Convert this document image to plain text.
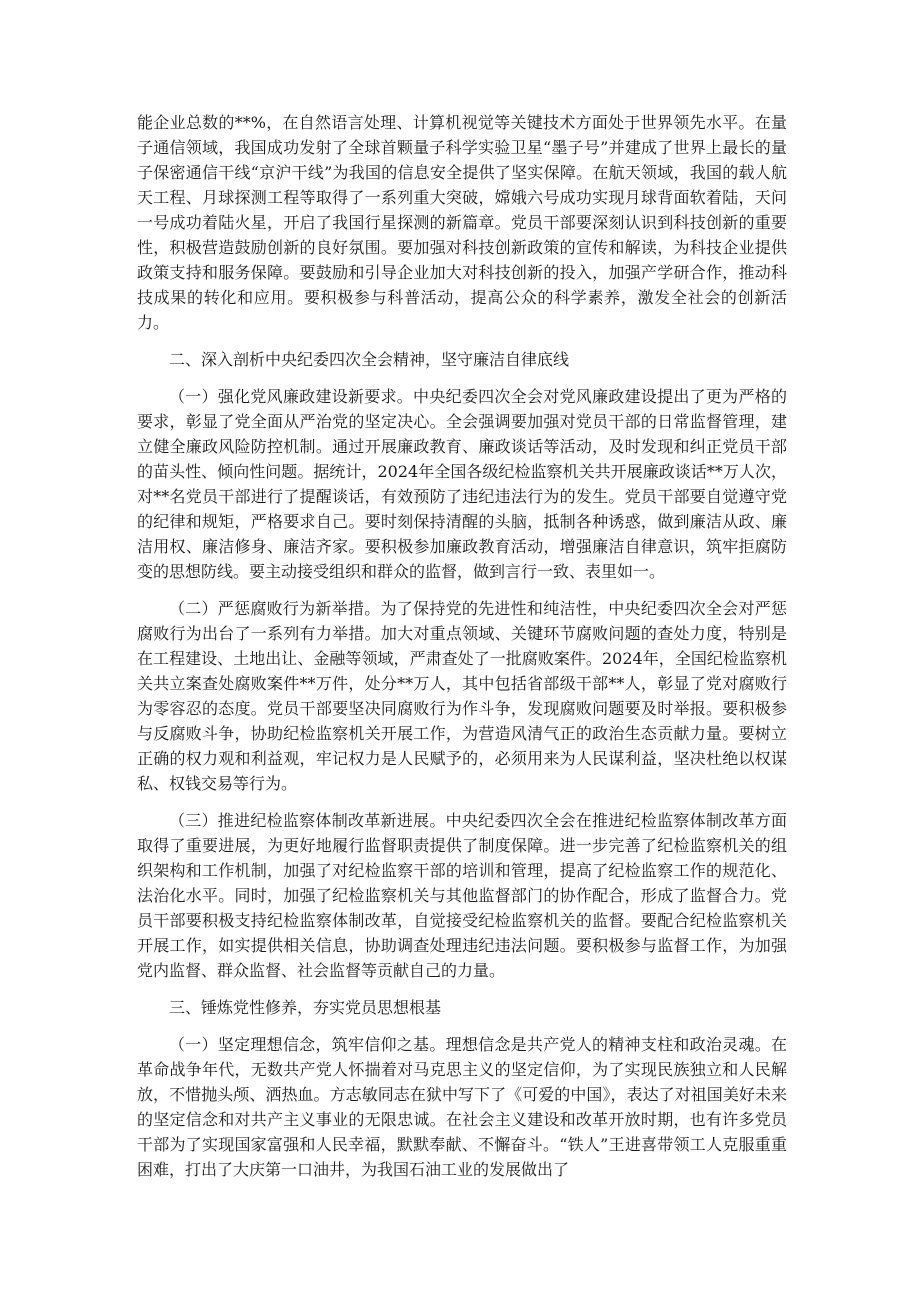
能企业总数的**%，在自然语言处理、计算机视觉等关键技术方面处于世界领先水平。在量子通信领域，我国成功发射了全球首颗量子科学实验卫星“墨子号”并建成了世界上最长的量子保密通信干线“京沪干线”为我国的信息安全提供了坚实保障。在航天领域，我国的载人航天工程、月球探测工程等取得了一系列重大突破，嫦娥六号成功实现月球背面软着陆，天问一号成功着陆火星，开启了我国行星探测的新篇章。党员干部要深刻认识到科技创新的重要性，积极营造鼓励创新的良好氛围。要加强对科技创新政策的宣传和解读，为科技企业提供政策支持和服务保障。要鼓励和引导企业加大对科技创新的投入，加强产学研合作，推动科技成果的转化和应用。要积极参与科普活动，提高公众的科学素养，激发全社会的创新活力。

二、深入剖析中央纪委四次全会精神，坚守廉洁自律底线

（一）强化党风廉政建设新要求。中央纪委四次全会对党风廉政建设提出了更为严格的要求，彰显了党全面从严治党的坚定决心。全会强调要加强对党员干部的日常监督管理，建立健全廉政风险防控机制。通过开展廉政教育、廉政谈话等活动，及时发现和纠正党员干部的苗头性、倾向性问题。据统计，2024年全国各级纪检监察机关共开展廉政谈话**万人次，对**名党员干部进行了提醒谈话，有效预防了违纪违法行为的发生。党员干部要自觉遵守党的纪律和规矩，严格要求自己。要时刻保持清醒的头脑，抵制各种诱惑，做到廉洁从政、廉洁用权、廉洁修身、廉洁齐家。要积极参加廉政教育活动，增强廉洁自律意识，筑牢拒腐防变的思想防线。要主动接受组织和群众的监督，做到言行一致、表里如一。

（二）严惩腐败行为新举措。为了保持党的先进性和纯洁性，中央纪委四次全会对严惩腐败行为出台了一系列有力举措。加大对重点领域、关键环节腐败问题的查处力度，特别是在工程建设、土地出让、金融等领域，严肃查处了一批腐败案件。2024年，全国纪检监察机关共立案查处腐败案件**万件，处分**万人，其中包括省部级干部**人，彰显了党对腐败行为零容忍的态度。党员干部要坚决同腐败行为作斗争，发现腐败问题要及时举报。要积极参与反腐败斗争，协助纪检监察机关开展工作，为营造风清气正的政治生态贡献力量。要树立正确的权力观和利益观，牢记权力是人民赋予的，必须用来为人民谋利益，坚决杜绝以权谋私、权钱交易等行为。

（三）推进纪检监察体制改革新进展。中央纪委四次全会在推进纪检监察体制改革方面取得了重要进展，为更好地履行监督职责提供了制度保障。进一步完善了纪检监察机关的组织架构和工作机制，加强了对纪检监察干部的培训和管理，提高了纪检监察工作的规范化、法治化水平。同时，加强了纪检监察机关与其他监督部门的协作配合，形成了监督合力。党员干部要积极支持纪检监察体制改革，自觉接受纪检监察机关的监督。要配合纪检监察机关开展工作，如实提供相关信息，协助调查处理违纪违法问题。要积极参与监督工作，为加强党内监督、群众监督、社会监督等贡献自己的力量。

三、锤炼党性修养，夯实党员思想根基

（一）坚定理想信念，筑牢信仰之基。理想信念是共产党人的精神支柱和政治灵魂。在革命战争年代，无数共产党人怀揣着对马克思主义的坚定信仰，为了实现民族独立和人民解放，不惜抛头颅、洒热血。方志敏同志在狱中写下了《可爱的中国》，表达了对祖国美好未来的坚定信念和对共产主义事业的无限忠诚。在社会主义建设和改革开放时期，也有许多党员干部为了实现国家富强和人民幸福，默默奉献、不懈奋斗。“铁人”王进喜带领工人克服重重困难，打出了大庆第一口油井，为我国石油工业的发展做出了
